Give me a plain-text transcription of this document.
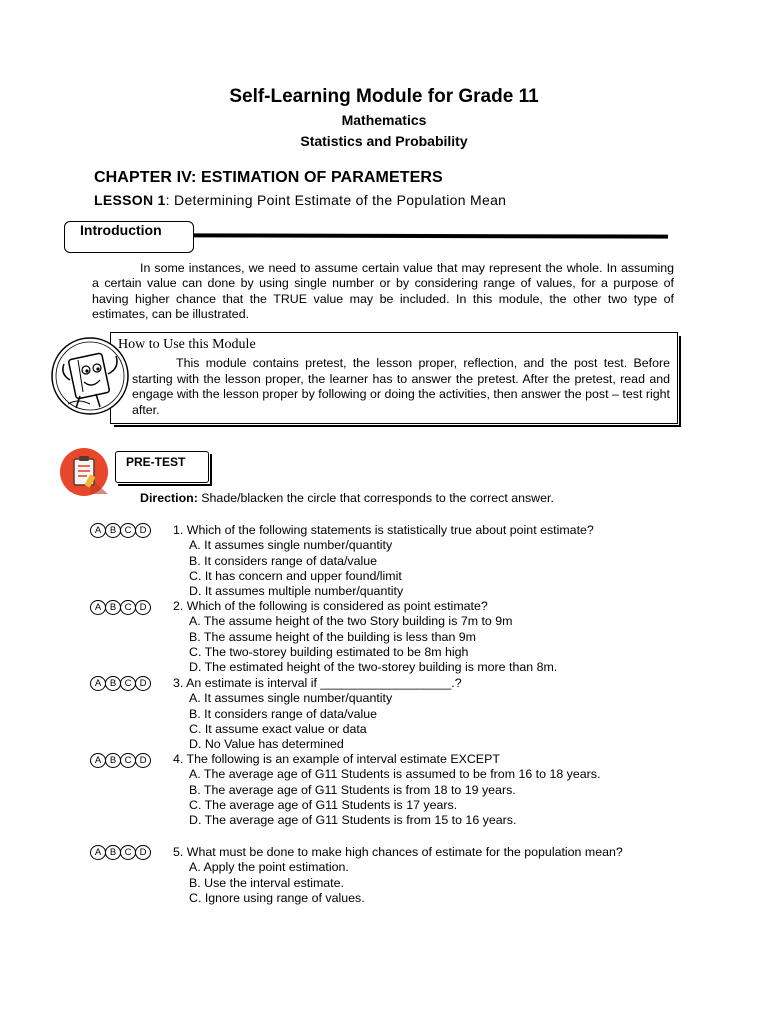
Self-Learning Module for Grade 11
Mathematics
Statistics and Probability
CHAPTER IV: ESTIMATION OF PARAMETERS
LESSON 1: Determining Point Estimate of the Population Mean
Introduction
In some instances, we need to assume certain value that may represent the whole. In assuming a certain value can done by using single number or by considering range of values, for a purpose of having higher chance that the TRUE value may be included. In this module, the other two type of estimates, can be illustrated.
How to Use this Module
This module contains pretest, the lesson proper, reflection, and the post test. Before starting with the lesson proper, the learner has to answer the pretest. After the pretest, read and engage with the lesson proper by following or doing the activities, then answer the post – test right after.
PRE-TEST
Direction: Shade/blacken the circle that corresponds to the correct answer.
A B C D	1. Which of the following statements is statistically true about point estimate?
A. It assumes single number/quantity
B. It considers range of data/value
C. It has concern and upper found/limit
D. It assumes multiple number/quantity
A B C D	2. Which of the following is considered as point estimate?
A. The assume height of the two Story building is 7m to 9m
B. The assume height of the building is less than 9m
C. The two-storey building estimated to be 8m high
D. The estimated height of the two-storey building is more than 8m.
A B C D	3. An estimate is interval if ___________________.?
A. It assumes single number/quantity
B. It considers range of data/value
C. It assume exact value or data
D. No Value has determined
A B C D	4. The following is an example of interval estimate EXCEPT
A. The average age of G11 Students is assumed to be from 16 to 18 years.
B. The average age of G11 Students is from 18 to 19 years.
C. The average age of G11 Students is 17 years.
D. The average age of G11 Students is from 15 to 16 years.
A B C D	5. What must be done to make high chances of estimate for the population mean?
A. Apply the point estimation.
B. Use the interval estimate.
C. Ignore using range of values.
